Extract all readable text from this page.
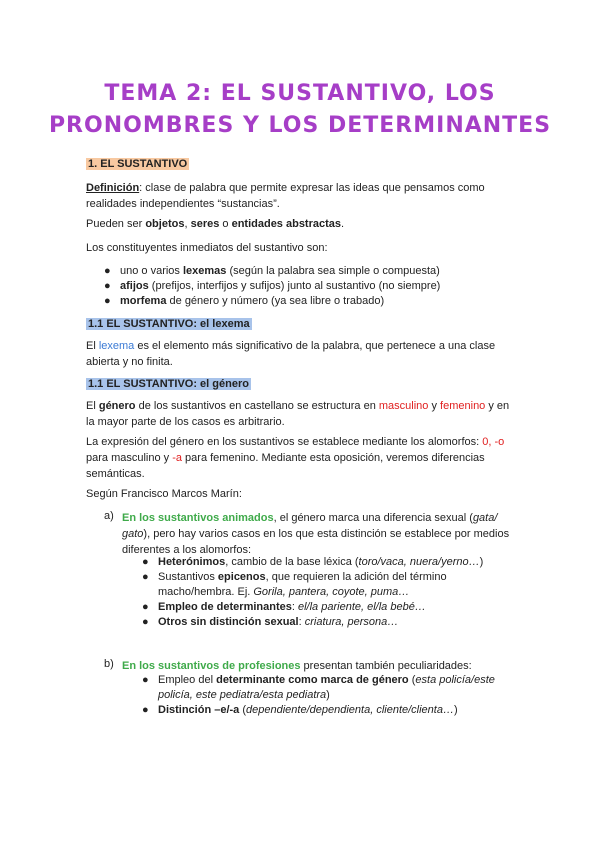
TEMA 2: EL SUSTANTIVO, LOS
PRONOMBRES Y LOS DETERMINANTES
1. EL SUSTANTIVO
Definición: clase de palabra que permite expresar las ideas que pensamos como realidades independientes “sustancias”.
Pueden ser objetos, seres o entidades abstractas.
Los constituyentes inmediatos del sustantivo son:
● uno o varios lexemas (según la palabra sea simple o compuesta)
● afijos (prefijos, interfijos y sufijos) junto al sustantivo (no siempre)
● morfema de género y número (ya sea libre o trabado)
1.1 EL SUSTANTIVO: el lexema
El lexema es el elemento más significativo de la palabra, que pertenece a una clase abierta y no finita.
1.1 EL SUSTANTIVO: el género
El género de los sustantivos en castellano se estructura en masculino y femenino y en la mayor parte de los casos es arbitrario.
La expresión del género en los sustantivos se establece mediante los alomorfos: 0, -o para masculino y -a para femenino. Mediante esta oposición, veremos diferencias semánticas.
Según Francisco Marcos Marín:
a) En los sustantivos animados, el género marca una diferencia sexual (gata/ gato), pero hay varios casos en los que esta distinción se establece por medios diferentes a los alomorfos:
● Heterónimos, cambio de la base léxica (toro/vaca, nuera/yerno…)
● Sustantivos epicenos, que requieren la adición del término macho/hembra. Ej. Gorila, pantera, coyote, puma…
● Empleo de determinantes: el/la pariente, el/la bebé…
● Otros sin distinción sexual: criatura, persona…
b) En los sustantivos de profesiones presentan también peculiaridades:
● Empleo del determinante como marca de género (esta policía/este policía, este pediatra/esta pediatra)
● Distinción –e/-a (dependiente/dependienta, cliente/clienta…)
